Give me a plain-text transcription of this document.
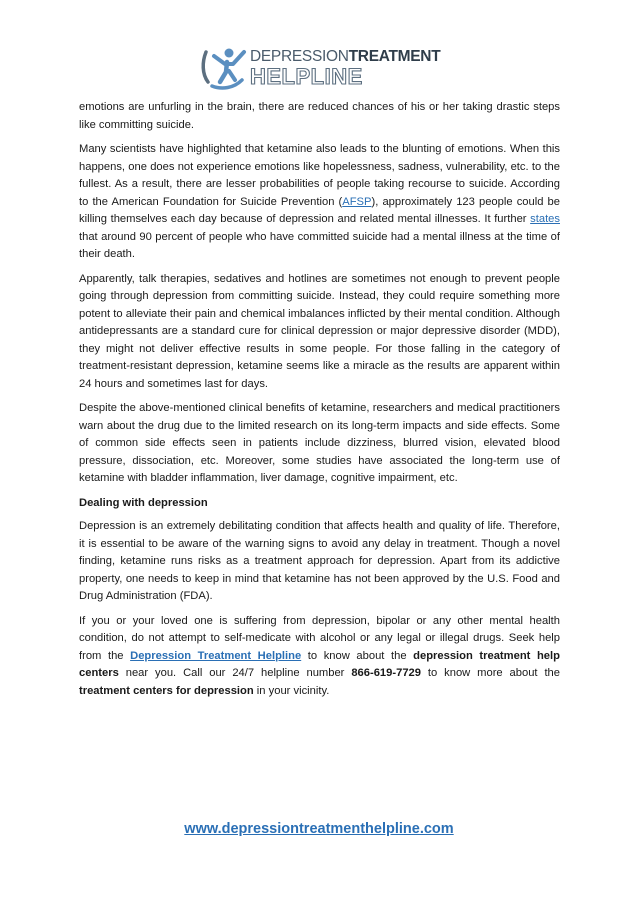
DEPRESSIONTREATMENT
HELPLINE

emotions are unfurling in the brain, there are reduced chances of his or her taking drastic steps like committing suicide.

Many scientists have highlighted that ketamine also leads to the blunting of emotions. When this happens, one does not experience emotions like hopelessness, sadness, vulnerability, etc. to the fullest. As a result, there are lesser probabilities of people taking recourse to suicide. According to the American Foundation for Suicide Prevention (AFSP), approximately 123 people could be killing themselves each day because of depression and related mental illnesses. It further states that around 90 percent of people who have committed suicide had a mental illness at the time of their death.

Apparently, talk therapies, sedatives and hotlines are sometimes not enough to prevent people going through depression from committing suicide. Instead, they could require something more potent to alleviate their pain and chemical imbalances inflicted by their mental condition. Although antidepressants are a standard cure for clinical depression or major depressive disorder (MDD), they might not deliver effective results in some people. For those falling in the category of treatment-resistant depression, ketamine seems like a miracle as the results are apparent within 24 hours and sometimes last for days.

Despite the above-mentioned clinical benefits of ketamine, researchers and medical practitioners warn about the drug due to the limited research on its long-term impacts and side effects. Some of common side effects seen in patients include dizziness, blurred vision, elevated blood pressure, dissociation, etc. Moreover, some studies have associated the long-term use of ketamine with bladder inflammation, liver damage, cognitive impairment, etc.

Dealing with depression

Depression is an extremely debilitating condition that affects health and quality of life. Therefore, it is essential to be aware of the warning signs to avoid any delay in treatment. Though a novel finding, ketamine runs risks as a treatment approach for depression. Apart from its addictive property, one needs to keep in mind that ketamine has not been approved by the U.S. Food and Drug Administration (FDA).

If you or your loved one is suffering from depression, bipolar or any other mental health condition, do not attempt to self-medicate with alcohol or any legal or illegal drugs. Seek help from the Depression Treatment Helpline to know about the depression treatment help centers near you. Call our 24/7 helpline number 866-619-7729 to know more about the treatment centers for depression in your vicinity.

www.depressiontreatmenthelpline.com
